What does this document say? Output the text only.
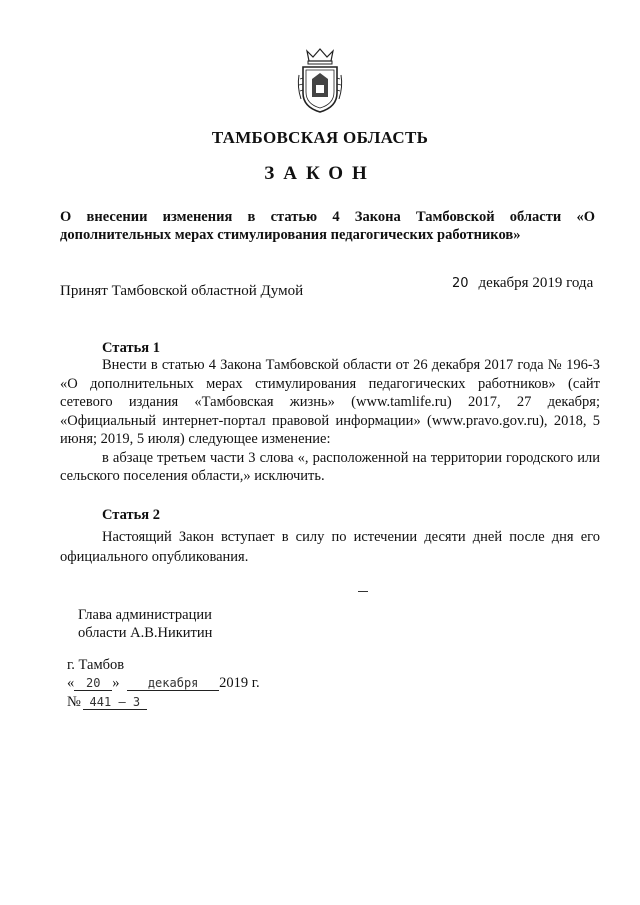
ТАМБОВСКАЯ ОБЛАСТЬ
ЗАКОН
О внесении изменения в статью 4 Закона Тамбовской области «О дополнительных мерах стимулирования педагогических работников»
Принят Тамбовской областной Думой	20 декабря 2019 года
Статья 1

Внести в статью 4 Закона Тамбовской области от 26 декабря 2017 года № 196-З «О дополнительных мерах стимулирования педагогических работников» (сайт сетевого издания «Тамбовская жизнь» (www.tamlife.ru) 2017, 27 декабря; «Официальный интернет-портал правовой информации» (www.pravo.gov.ru), 2018, 5 июня; 2019, 5 июля) следующее изменение:

в абзаце третьем части 3 слова «, расположенной на территории городского или сельского поселения области,» исключить.

Статья 2

Настоящий Закон вступает в силу по истечении десяти дней после дня его официального опубликования.

Глава администрации
области А.В.Никитин
г. Тамбов
« 20 » декабря 2019 г.
№ 441 – З
